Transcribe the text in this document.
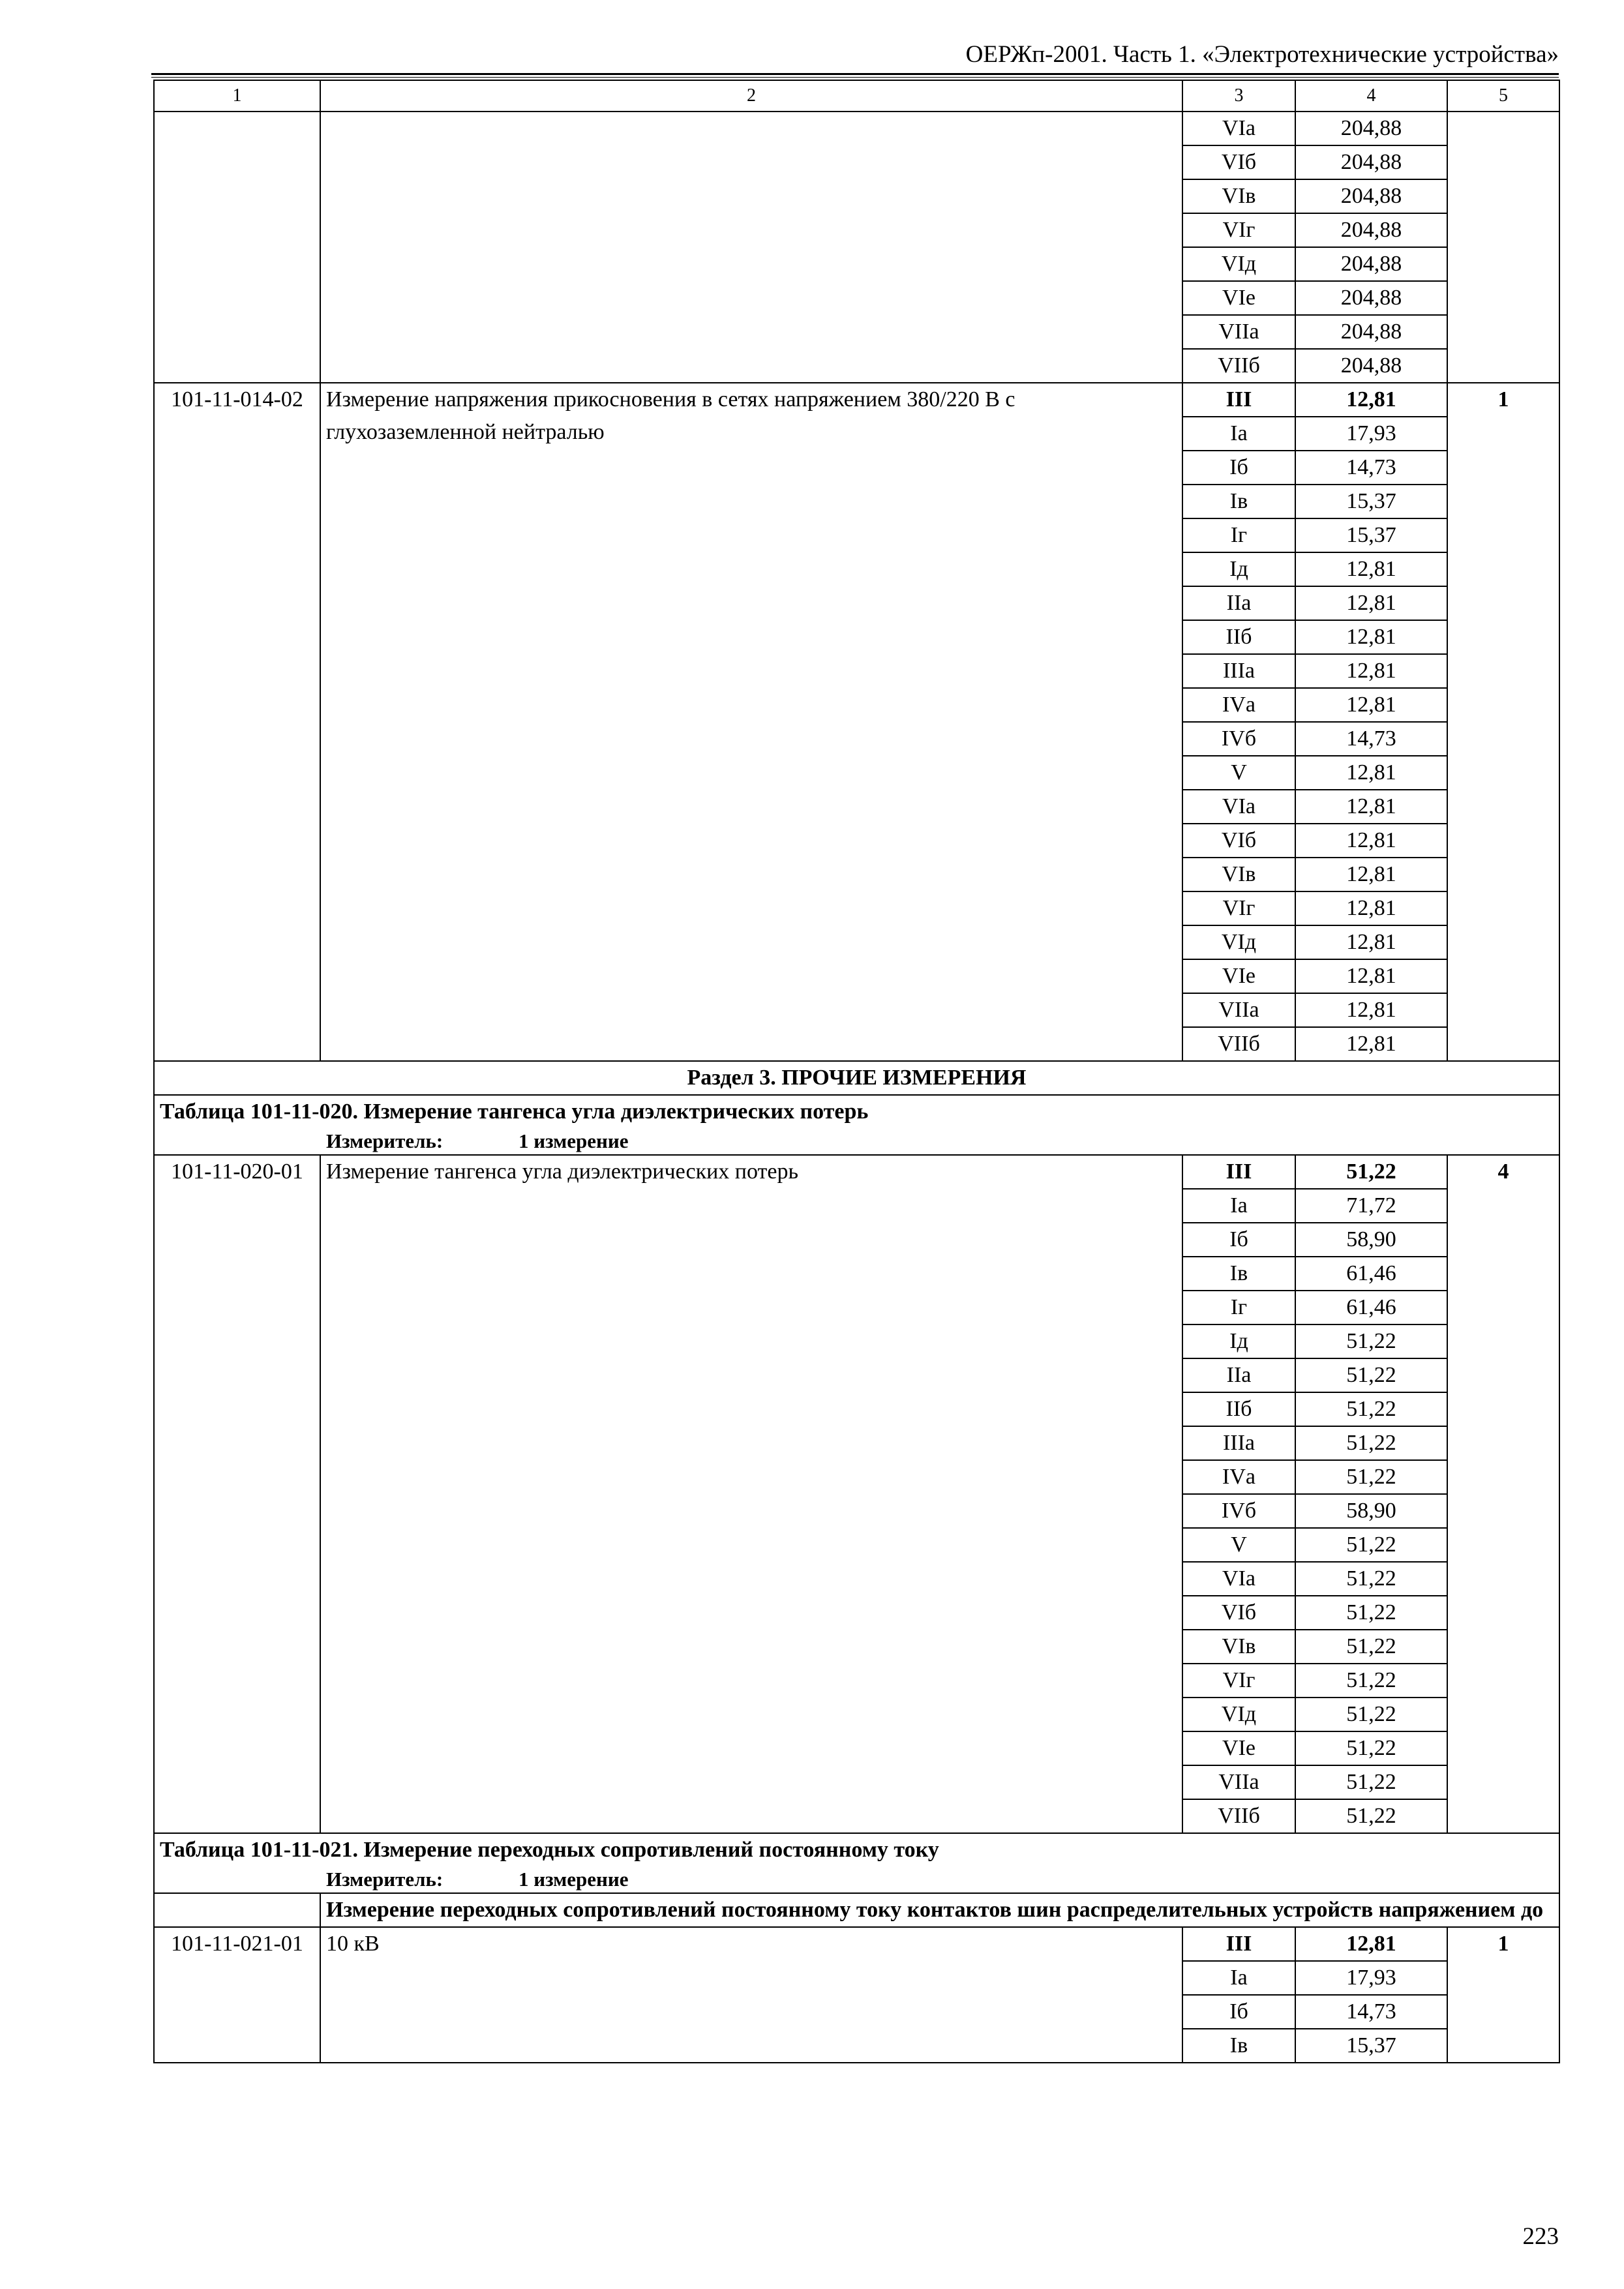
ОЕРЖп-2001. Часть 1. «Электротехнические устройства»
1	2	3	4	5
		VIа	204,88	
		VIб	204,88	
		VIв	204,88	
		VIг	204,88	
		VIд	204,88	
		VIе	204,88	
		VIIа	204,88	
		VIIб	204,88	
101-11-014-02	Измерение напряжения прикосновения в сетях напряжением 380/220 В с глухозаземленной нейтралью	III	12,81	1
		Iа	17,93	
		Iб	14,73	
		Iв	15,37	
		Iг	15,37	
		Iд	12,81	
		IIа	12,81	
		IIб	12,81	
		IIIа	12,81	
		IVа	12,81	
		IVб	14,73	
		V	12,81	
		VIа	12,81	
		VIб	12,81	
		VIв	12,81	
		VIг	12,81	
		VIд	12,81	
		VIе	12,81	
		VIIа	12,81	
		VIIб	12,81	
Раздел 3. ПРОЧИЕ ИЗМЕРЕНИЯ				

Таблица 101-11-020. Измерение тангенса угла диэлектрических потерь
Измеритель: 1 измерение				

101-11-020-01	Измерение тангенса угла диэлектрических потерь	III	51,22	4
		Iа	71,72	
		Iб	58,90	
		Iв	61,46	
		Iг	61,46	
		Iд	51,22	
		IIа	51,22	
		IIб	51,22	
		IIIа	51,22	
		IVа	51,22	
		IVб	58,90	
		V	51,22	
		VIа	51,22	
		VIб	51,22	
		VIв	51,22	
		VIг	51,22	
		VIд	51,22	
		VIе	51,22	
		VIIа	51,22	
		VIIб	51,22	

Таблица 101-11-021. Измерение переходных сопротивлений постоянному току
Измеритель: 1 измерение				

	Измерение переходных сопротивлений постоянному току контактов шин распределительных устройств напряжением до			
101-11-021-01	10 кВ	III	12,81	1
		Iа	17,93	
		Iб	14,73	
		Iв	15,37	
223
